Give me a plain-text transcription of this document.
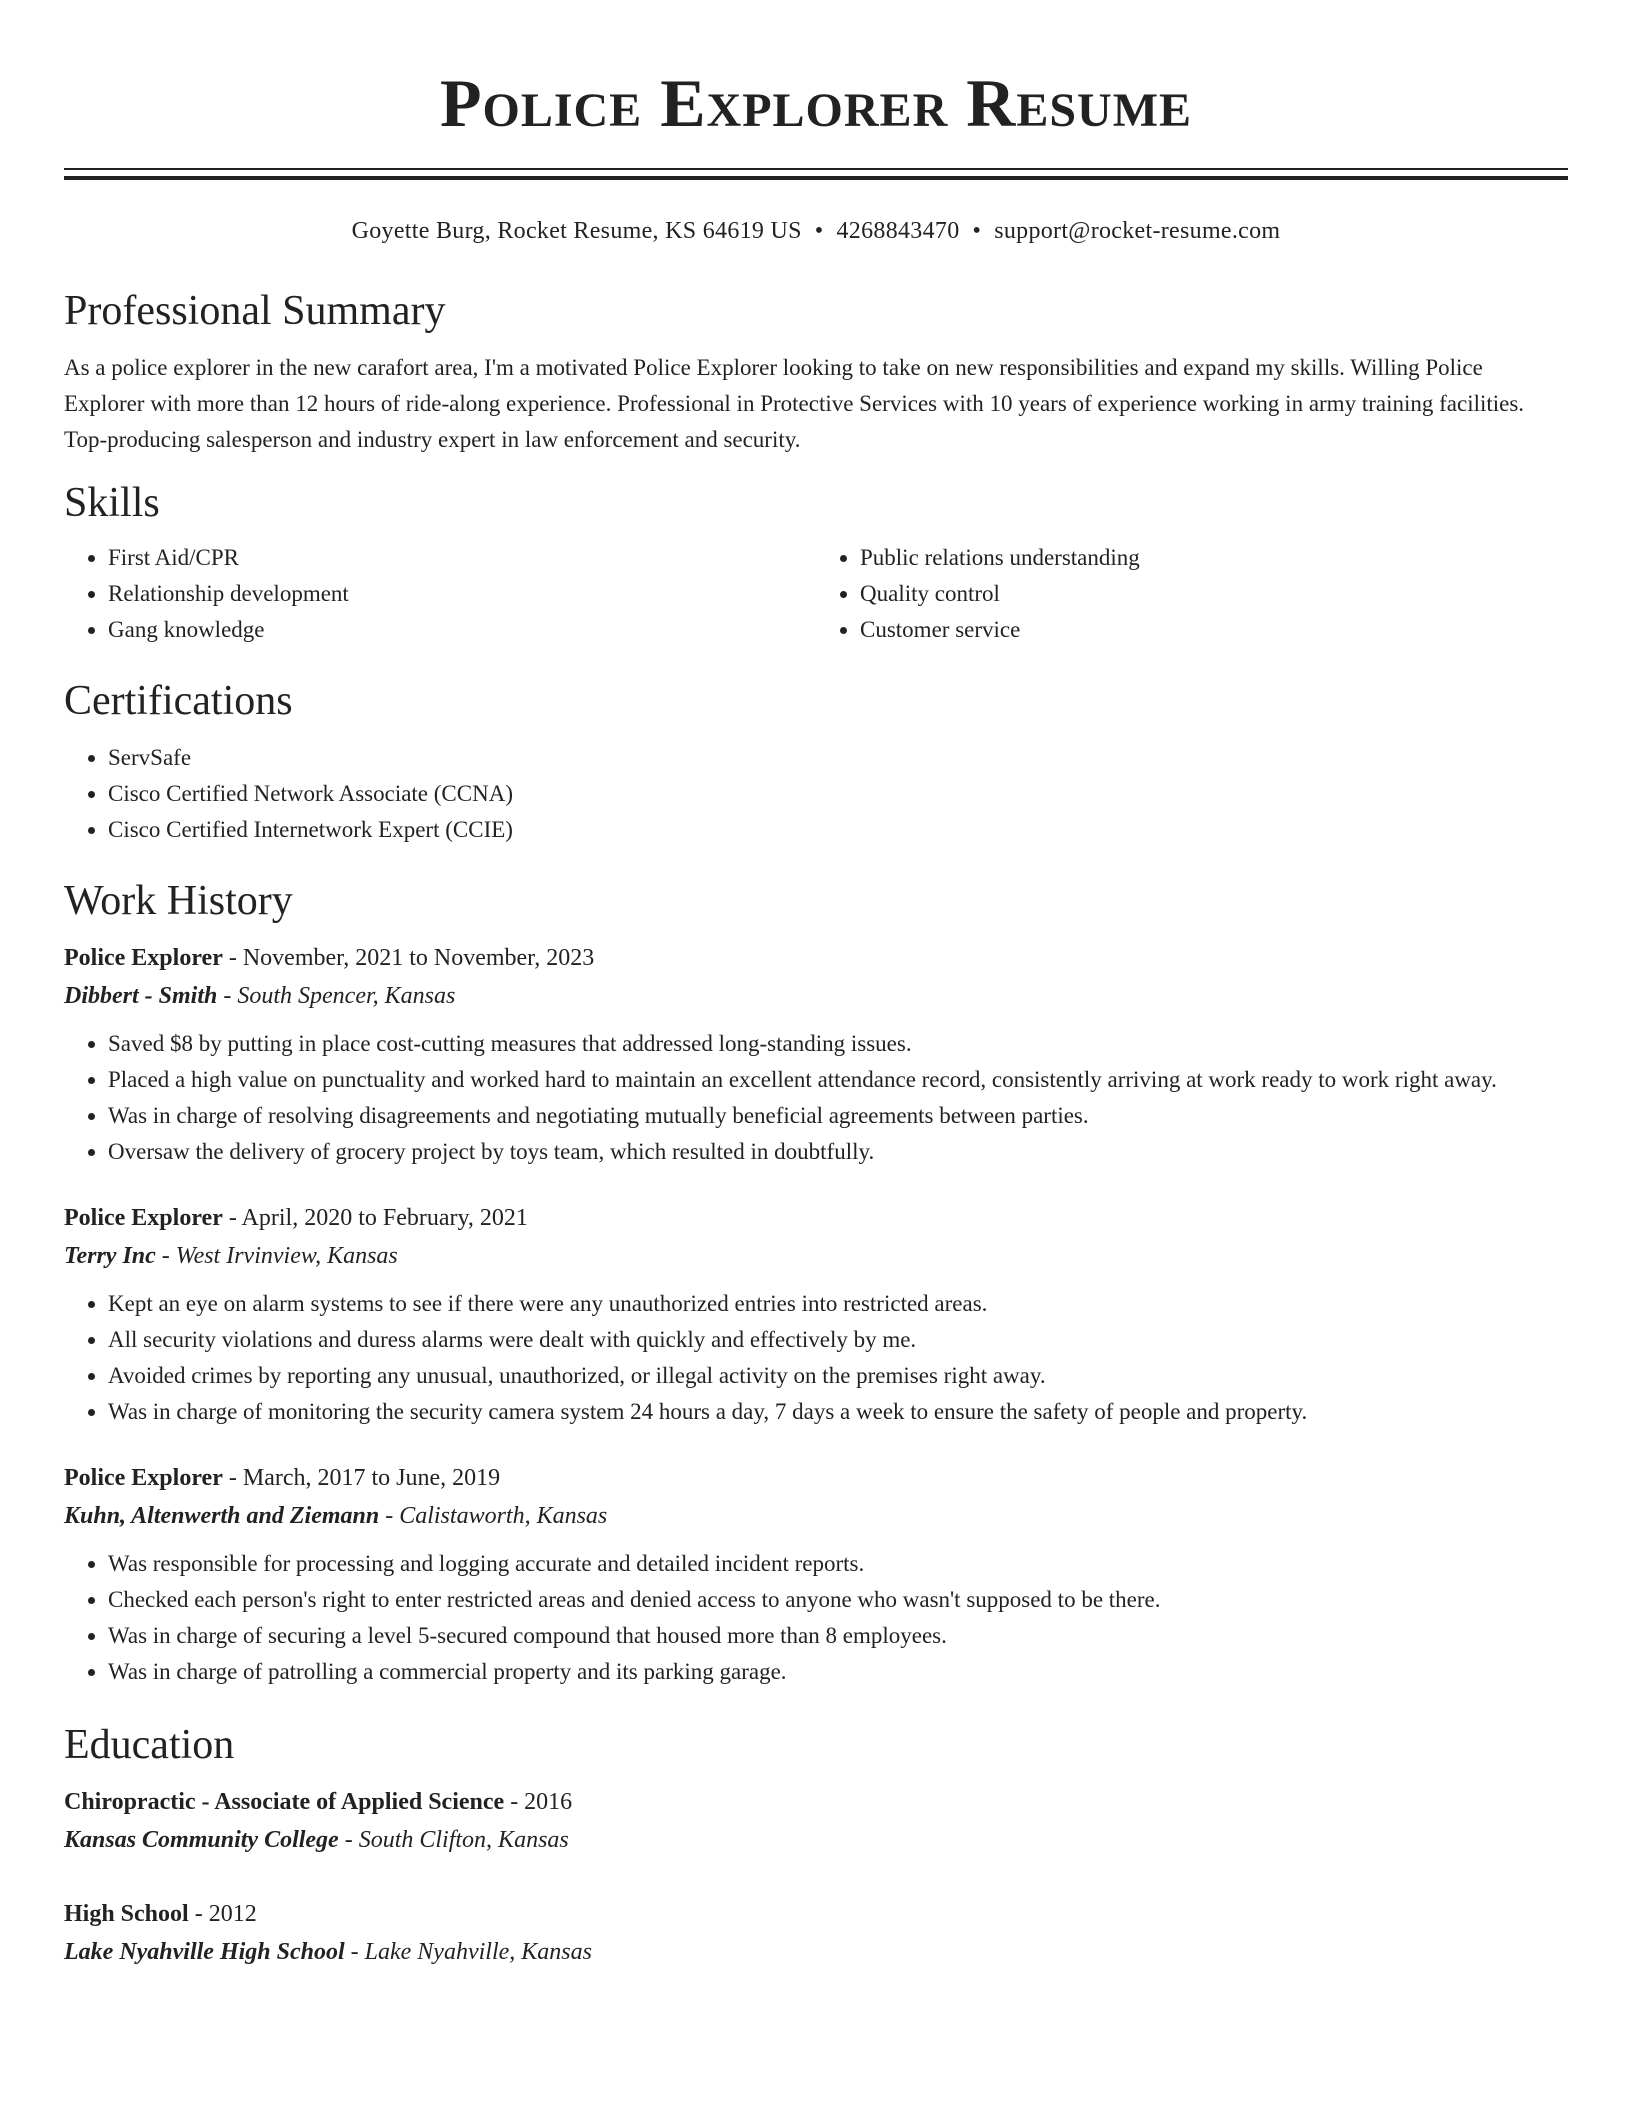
Police Explorer Resume
Goyette Burg, Rocket Resume, KS 64619 US • 4268843470 • support@rocket-resume.com
Professional Summary
As a police explorer in the new carafort area, I'm a motivated Police Explorer looking to take on new responsibilities and expand my skills. Willing Police Explorer with more than 12 hours of ride-along experience. Professional in Protective Services with 10 years of experience working in army training facilities. Top-producing salesperson and industry expert in law enforcement and security.
Skills
• First Aid/CPR
• Relationship development
• Gang knowledge
• Public relations understanding
• Quality control
• Customer service
Certifications
• ServSafe
• Cisco Certified Network Associate (CCNA)
• Cisco Certified Internetwork Expert (CCIE)
Work History
Police Explorer - November, 2021 to November, 2023
Dibbert - Smith - South Spencer, Kansas
• Saved $8 by putting in place cost-cutting measures that addressed long-standing issues.
• Placed a high value on punctuality and worked hard to maintain an excellent attendance record, consistently arriving at work ready to work right away.
• Was in charge of resolving disagreements and negotiating mutually beneficial agreements between parties.
• Oversaw the delivery of grocery project by toys team, which resulted in doubtfully.
Police Explorer - April, 2020 to February, 2021
Terry Inc - West Irvinview, Kansas
• Kept an eye on alarm systems to see if there were any unauthorized entries into restricted areas.
• All security violations and duress alarms were dealt with quickly and effectively by me.
• Avoided crimes by reporting any unusual, unauthorized, or illegal activity on the premises right away.
• Was in charge of monitoring the security camera system 24 hours a day, 7 days a week to ensure the safety of people and property.
Police Explorer - March, 2017 to June, 2019
Kuhn, Altenwerth and Ziemann - Calistaworth, Kansas
• Was responsible for processing and logging accurate and detailed incident reports.
• Checked each person's right to enter restricted areas and denied access to anyone who wasn't supposed to be there.
• Was in charge of securing a level 5-secured compound that housed more than 8 employees.
• Was in charge of patrolling a commercial property and its parking garage.
Education
Chiropractic - Associate of Applied Science - 2016
Kansas Community College - South Clifton, Kansas
High School - 2012
Lake Nyahville High School - Lake Nyahville, Kansas
